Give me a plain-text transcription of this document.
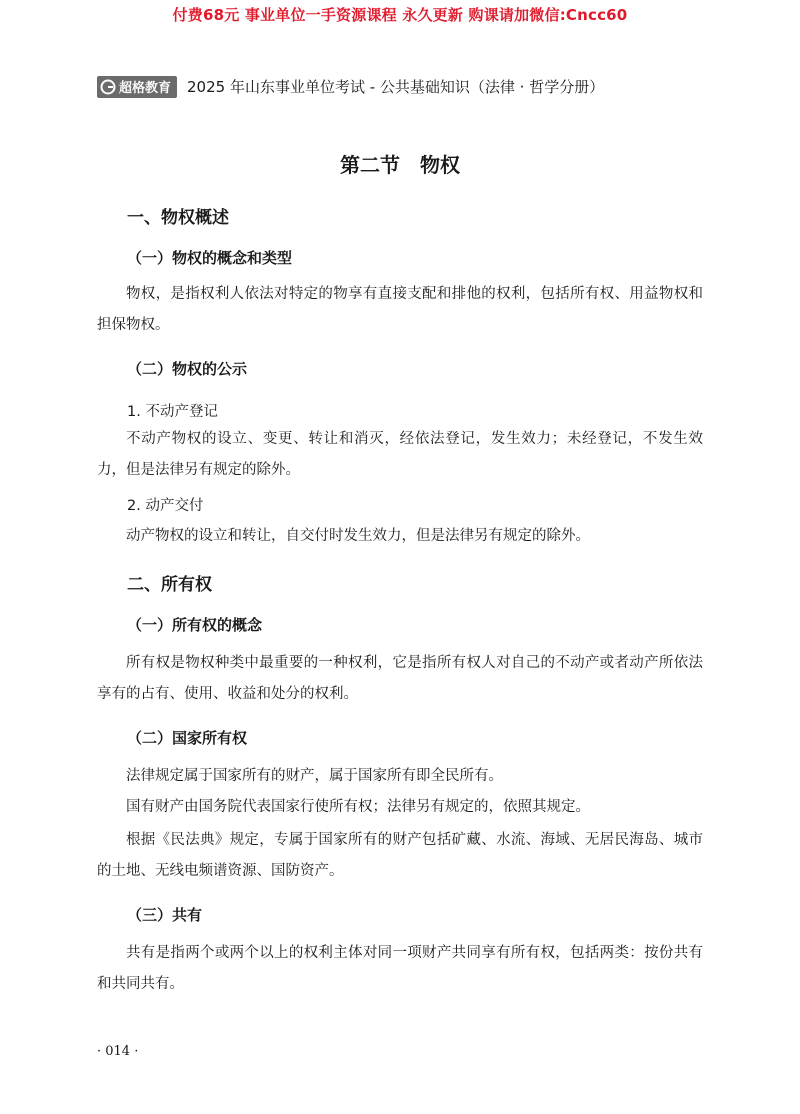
付费68元 事业单位一手资源课程 永久更新 购课请加微信:Cncc60
超格教育 2025 年山东事业单位考试 - 公共基础知识（法律 · 哲学分册）
第二节　物权
一、物权概述
（一）物权的概念和类型
物权，是指权利人依法对特定的物享有直接支配和排他的权利，包括所有权、用益物权和担保物权。
（二）物权的公示
1. 不动产登记
不动产物权的设立、变更、转让和消灭，经依法登记，发生效力；未经登记，不发生效力，但是法律另有规定的除外。
2. 动产交付
动产物权的设立和转让，自交付时发生效力，但是法律另有规定的除外。
二、所有权
（一）所有权的概念
所有权是物权种类中最重要的一种权利，它是指所有权人对自己的不动产或者动产所依法享有的占有、使用、收益和处分的权利。
（二）国家所有权
法律规定属于国家所有的财产，属于国家所有即全民所有。
国有财产由国务院代表国家行使所有权；法律另有规定的，依照其规定。
根据《民法典》规定，专属于国家所有的财产包括矿藏、水流、海域、无居民海岛、城市的土地、无线电频谱资源、国防资产。
（三）共有
共有是指两个或两个以上的权利主体对同一项财产共同享有所有权，包括两类：按份共有和共同共有。
· 014 ·
